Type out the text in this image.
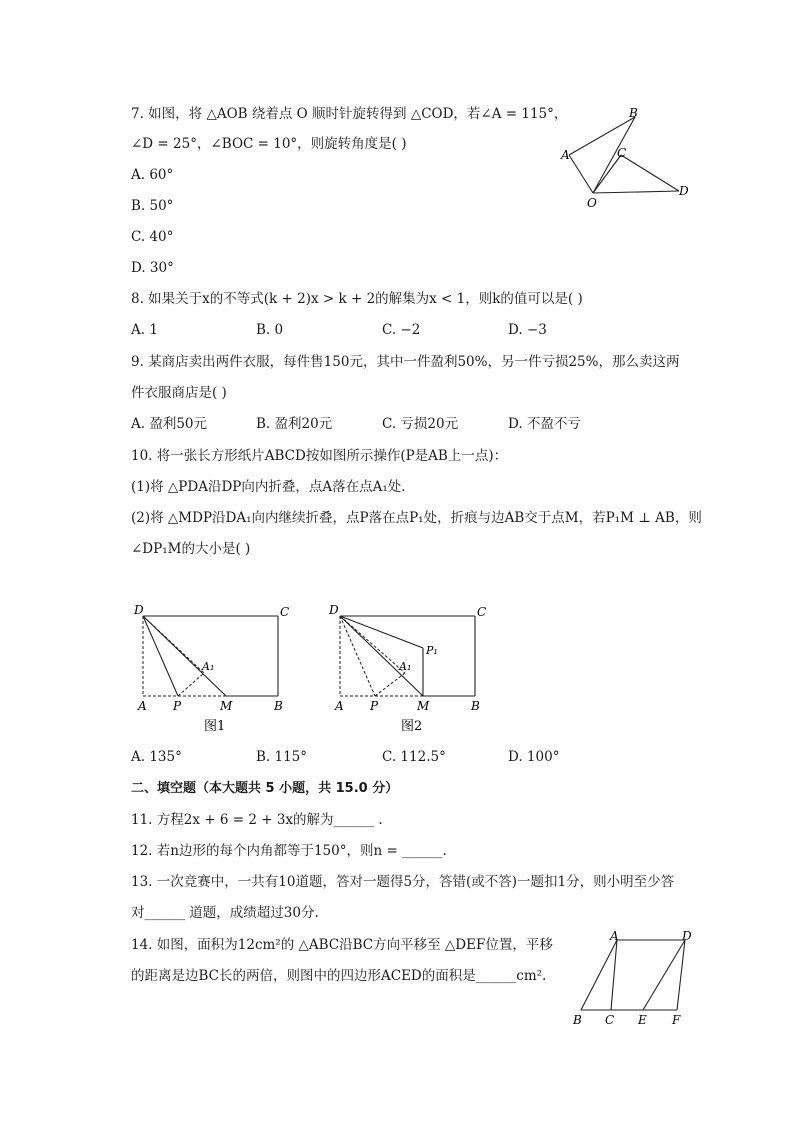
7. 如图，将 △AOB 绕着点 O 顺时针旋转得到 △COD，若∠A = 115°，
∠D = 25°，∠BOC = 10°，则旋转角度是( )
A. 60°
B. 50°
C. 40°
D. 30°
A
B
C
D
O
8. 如果关于x的不等式(k + 2)x > k + 2的解集为x < 1，则k的值可以是( )
A. 1	B. 0	C. −2	D. −3
9. 某商店卖出两件衣服，每件售150元，其中一件盈利50%，另一件亏损25%，那么卖这两
件衣服商店是( )
A. 盈利50元	B. 盈利20元	C. 亏损20元	D. 不盈不亏
10. 将一张长方形纸片ABCD按如图所示操作(P是AB上一点)：
(1)将 △PDA沿DP向内折叠，点A落在点A₁处.
(2)将 △MDP沿DA₁向内继续折叠，点P落在点P₁处，折痕与边AB交于点M，若P₁M ⊥ AB，则
∠DP₁M的大小是( )
D	C
A₁
A P	M	B
图1
D	C
P₁
A₁
A P	M	B
图2
A. 135°	B. 115°	C. 112.5°	D. 100°
二、填空题（本大题共 5 小题，共 15.0 分）
11. 方程2x + 6 = 2 + 3x的解为______ .
12. 若n边形的每个内角都等于150°，则n = ______.
13. 一次竞赛中，一共有10道题，答对一题得5分，答错(或不答)一题扣1分，则小明至少答
对______ 道题，成绩超过30分.
14. 如图，面积为12cm²的 △ABC沿BC方向平移至 △DEF位置，平移
的距离是边BC长的两倍，则图中的四边形ACED的面积是______cm².
A	D
B C E F
